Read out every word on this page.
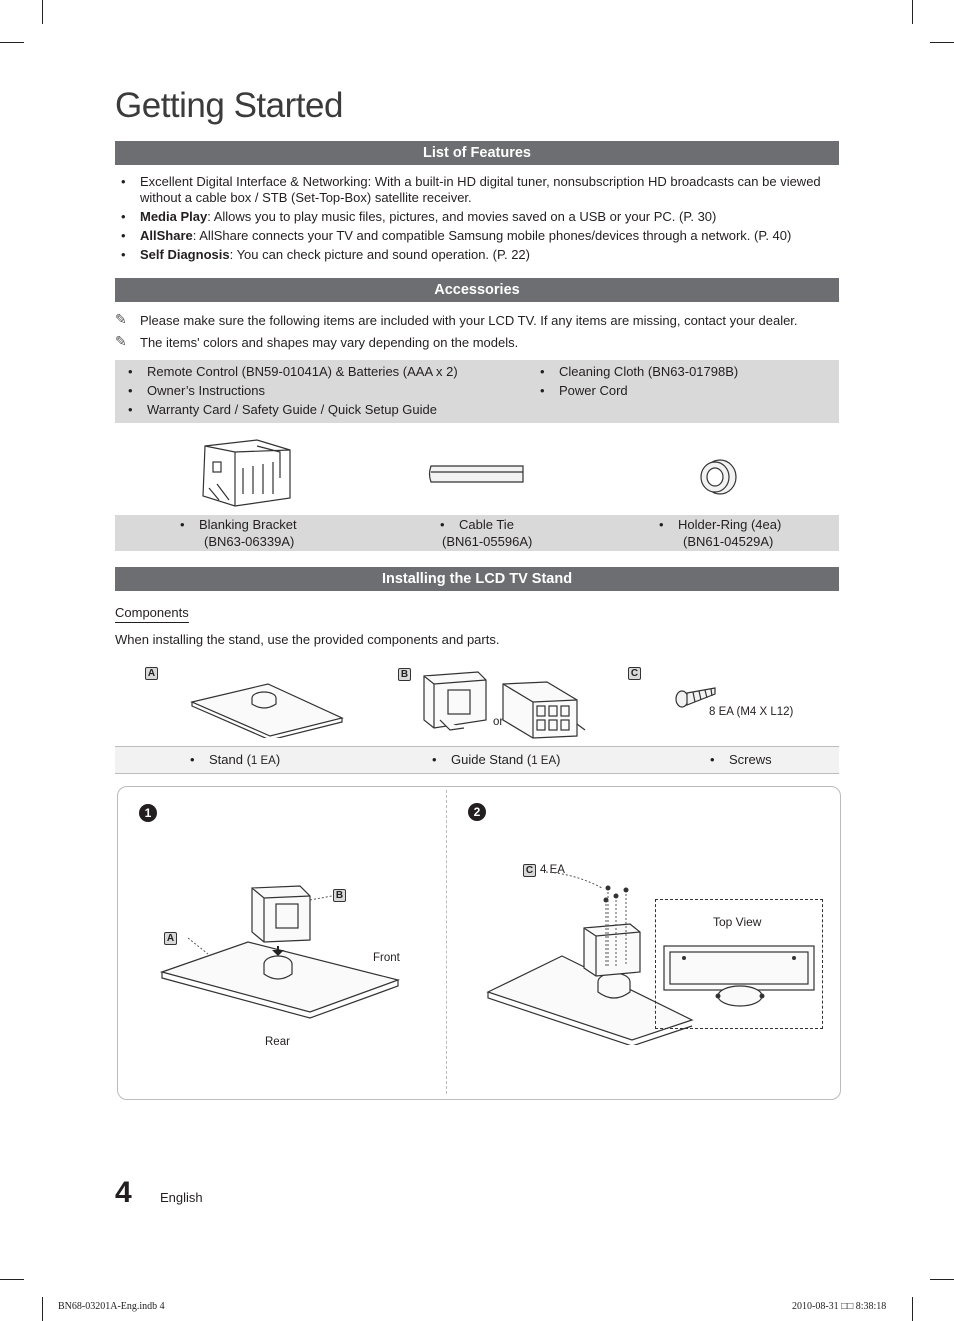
Getting Started
List of Features
• Excellent Digital Interface & Networking: With a built-in HD digital tuner, nonsubscription HD broadcasts can be viewed
without a cable box / STB (Set-Top-Box) satellite receiver.
• Media Play: Allows you to play music files, pictures, and movies saved on a USB or your PC. (P. 30)
• AllShare: AllShare connects your TV and compatible Samsung mobile phones/devices through a network. (P. 40)
• Self Diagnosis: You can check picture and sound operation. (P. 22)
Accessories
✎ Please make sure the following items are included with your LCD TV. If any items are missing, contact your dealer.
✎ The items' colors and shapes may vary depending on the models.
• Remote Control (BN59-01041A) & Batteries (AAA x 2)
• Owner’s Instructions
• Warranty Card / Safety Guide / Quick Setup Guide
• Cleaning Cloth (BN63-01798B)
• Power Cord
• Blanking Bracket
(BN63-06339A)
• Cable Tie
(BN61-05596A)
• Holder-Ring (4ea)
(BN61-04529A)
Installing the LCD TV Stand
Components
When installing the stand, use the provided components and parts.
A	B	C
or
8 EA (M4 X L12)
• Stand (1 EA)	• Guide Stand (1 EA)	• Screws
1	2
B
A
Front
Rear
C 4 EA
Top View
4 English
BN68-03201A-Eng.indb 4	2010-08-31 □□ 8:38:18
